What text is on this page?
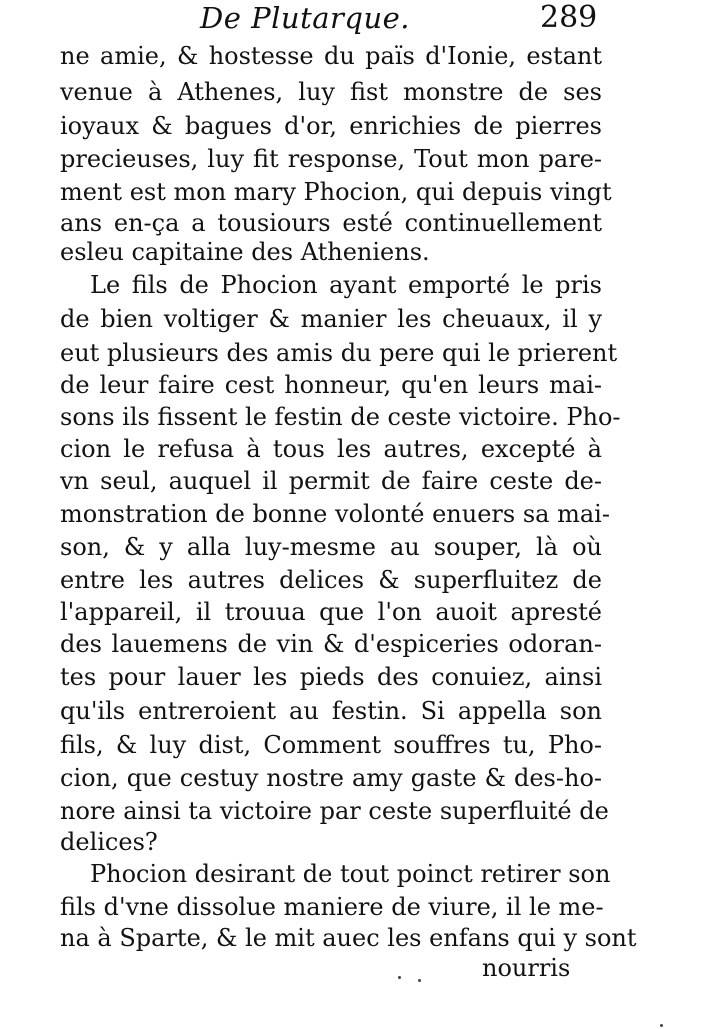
De Plutarque.	289
ne amie, & hostesse du païs d'Ionie, estant
venue à Athenes, luy fist monstre de ses
ioyaux & bagues d'or, enrichies de pierres
precieuses, luy fit response, Tout mon pare-
ment est mon mary Phocion, qui depuis vingt
ans en-ça a tousiours esté continuellement
esleu capitaine des Atheniens.
Le fils de Phocion ayant emporté le pris
de bien voltiger & manier les cheuaux, il y
eut plusieurs des amis du pere qui le prierent
de leur faire cest honneur, qu'en leurs mai-
sons ils fissent le festin de ceste victoire. Pho-
cion le refusa à tous les autres, excepté à
vn seul, auquel il permit de faire ceste de-
monstration de bonne volonté enuers sa mai-
son, & y alla luy-mesme au souper, là où
entre les autres delices & superfluitez de
l'appareil, il trouua que l'on auoit apresté
des lauemens de vin & d'espiceries odoran-
tes pour lauer les pieds des conuiez, ainsi
qu'ils entreroient au festin. Si appella son
fils, & luy dist, Comment souffres tu, Pho-
cion, que cestuy nostre amy gaste & des-ho-
nore ainsi ta victoire par ceste superfluité de
delices?
Phocion desirant de tout poinct retirer son
fils d'vne dissolue maniere de viure, il le me-
na à Sparte, & le mit auec les enfans qui y sont
nourris
